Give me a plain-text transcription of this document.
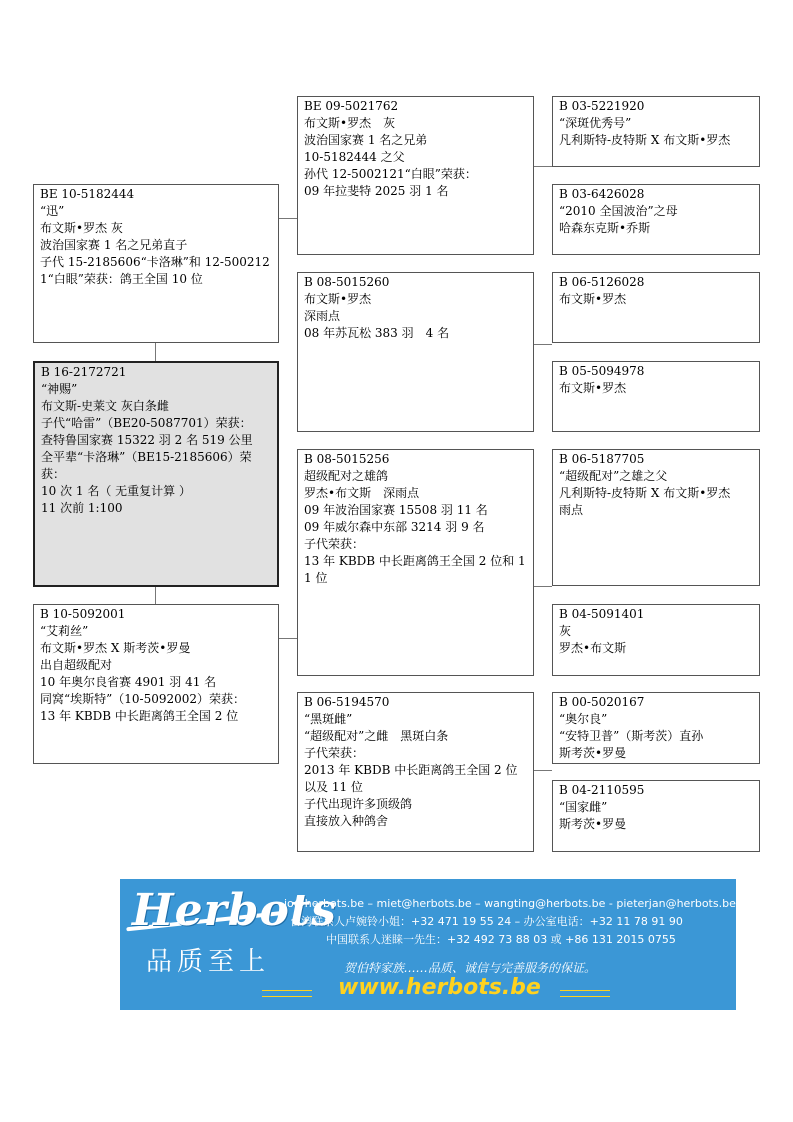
BE 10-5182444
“迅”
布文斯•罗杰 灰
波治国家赛 1 名之兄弟直子
子代 15-2185606“卡洛琳”和 12-5002121“白眼”荣获：鸽王全国 10 位
B 16-2172721
“神赐”
布文斯-史莱文 灰白条雌
子代“哈雷”（BE20-5087701）荣获：
查特鲁国家赛 15322 羽 2 名 519 公里
全平辈“卡洛琳”（BE15-2185606）荣获：
10 次 1 名（ 无重复计算 ）
11 次前 1:100
B 10-5092001
“艾莉丝”
布文斯•罗杰 X 斯考茨•罗曼
出自超级配对
10 年奥尔良省赛 4901 羽 41 名
同窝“埃斯特”（10-5092002）荣获：
13 年 KBDB 中长距离鸽王全国 2 位
BE 09-5021762
布文斯•罗杰　灰
波治国家赛 1 名之兄弟
10-5182444 之父
孙代 12-5002121“白眼”荣获：
09 年拉斐特 2025 羽 1 名
B 08-5015260
布文斯•罗杰
深雨点
08 年苏瓦松 383 羽　4 名
B 08-5015256
超级配对之雄鸽
罗杰•布文斯　深雨点
09 年波治国家赛 15508 羽 11 名
09 年威尔森中东部 3214 羽 9 名
子代荣获：
13 年 KBDB 中长距离鸽王全国 2 位和 11 位
B 06-5194570
“黑斑雌”
“超级配对”之雌　黑斑白条
子代荣获：
2013 年 KBDB 中长距离鸽王全国 2 位以及 11 位
子代出现许多顶级鸽
直接放入种鸽舍
B 03-5221920
“深斑优秀号”
凡利斯特-皮特斯 X 布文斯•罗杰
B 03-6426028
“2010 全国波治”之母
哈森东克斯•乔斯
B 06-5126028
布文斯•罗杰
B 05-5094978
布文斯•罗杰
B 06-5187705
“超级配对”之雄之父
凡利斯特-皮特斯 X 布文斯•罗杰
雨点
B 04-5091401
灰
罗杰•布文斯
B 00-5020167
“奥尔良”
“安特卫普”（斯考茨）直孙
斯考茨•罗曼
B 04-2110595
“国家雌”
斯考茨•罗曼
Herbots
品质至上
jo@herbots.be – miet@herbots.be – wangting@herbots.be - pieterjan@herbots.be
台湾联系人卢婉铃小姐：+32 471 19 55 24 – 办公室电话：+32 11 78 91 90
中国联系人迷睐一先生：+32 492 73 88 03 或 +86 131 2015 0755
贺伯特家族……品质、诚信与完善服务的保证。
www.herbots.be
